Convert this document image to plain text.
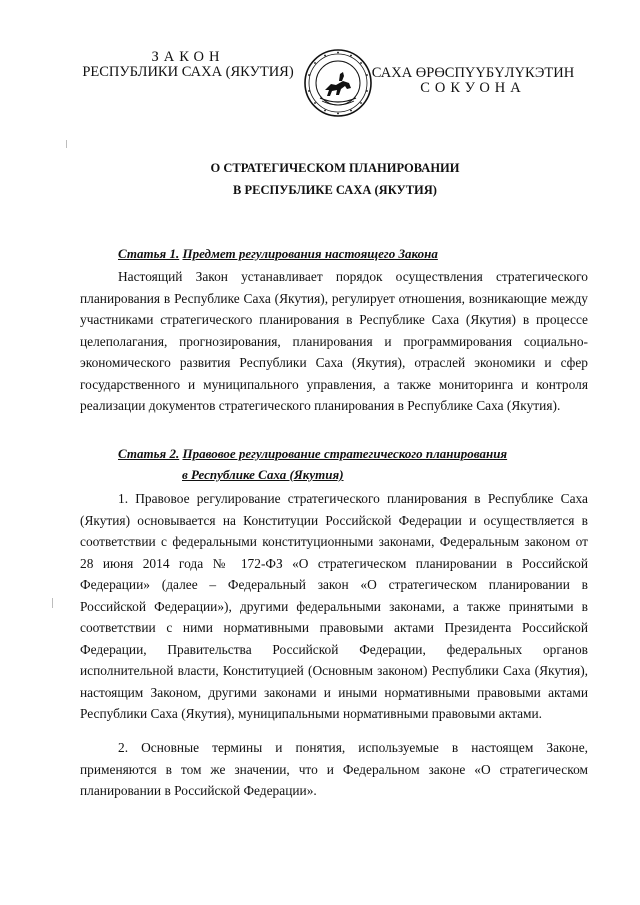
ЗАКОН
РЕСПУБЛИКИ САХА (ЯКУТИЯ)	САХА ӨРӨСПҮҮБҮЛҮКЭТИН
СОКУОНА
О СТРАТЕГИЧЕСКОМ ПЛАНИРОВАНИИ
В РЕСПУБЛИКЕ САХА (ЯКУТИЯ)
Статья 1. Предмет регулирования настоящего Закона
Настоящий Закон устанавливает порядок осуществления стратегического планирования в Республике Саха (Якутия), регулирует отношения, возникающие между участниками стратегического планирования в Республике Саха (Якутия) в процессе целеполагания, прогнозирования, планирования и программирования социально-экономического развития Республики Саха (Якутия), отраслей экономики и сфер государственного и муниципального управления, а также мониторинга и контроля реализации документов стратегического планирования в Республике Саха (Якутия).
Статья 2. Правовое регулирование стратегического планирования
в Республике Саха (Якутия)
1. Правовое регулирование стратегического планирования в Республике Саха (Якутия) основывается на Конституции Российской Федерации и осуществляется в соответствии с федеральными конституционными законами, Федеральным законом от 28 июня 2014 года № 172-ФЗ «О стратегическом планировании в Российской Федерации» (далее – Федеральный закон «О стратегическом планировании в Российской Федерации»), другими федеральными законами, а также принятыми в соответствии с ними нормативными правовыми актами Президента Российской Федерации, Правительства Российской Федерации, федеральных органов исполнительной власти, Конституцией (Основным законом) Республики Саха (Якутия), настоящим Законом, другими законами и иными нормативными правовыми актами Республики Саха (Якутия), муниципальными нормативными правовыми актами.
2. Основные термины и понятия, используемые в настоящем Законе, применяются в том же значении, что и Федеральном законе «О стратегическом планировании в Российской Федерации».
